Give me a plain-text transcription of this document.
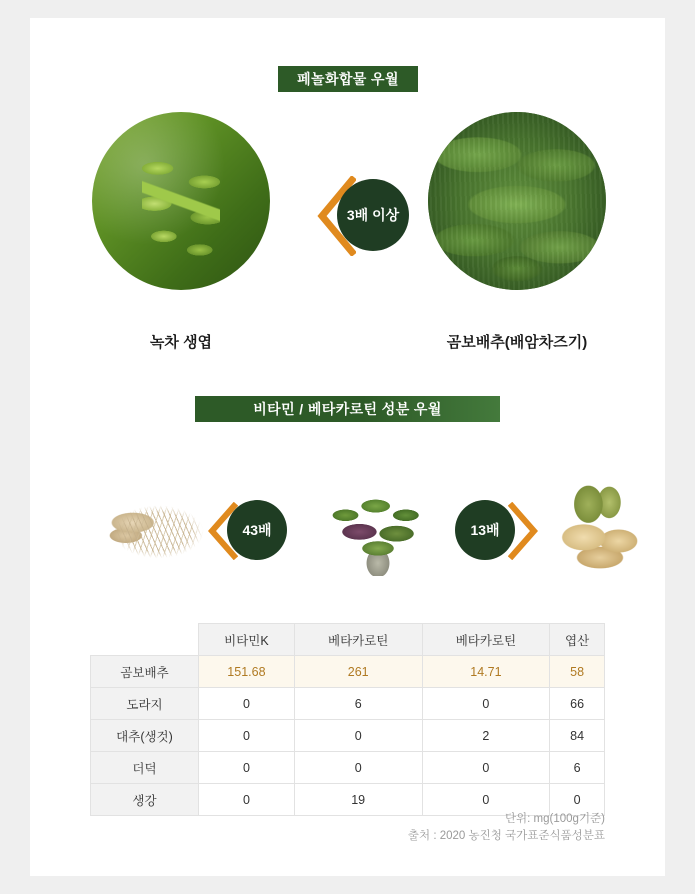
페놀화합물 우월
3배 이상
녹차 생엽	곰보배추(배암차즈기)
비타민 / 베타카로틴 성분 우월
43배	13배
	비타민K	베타카로틴	베타카로틴	엽산
곰보배추	151.68	261	14.71	58
도라지	0	6	0	66
대추(생것)	0	0	2	84
더덕	0	0	0	6
생강	0	19	0	0
단위: mg(100g기준)
출처 : 2020 농진청 국가표준식품성분표
